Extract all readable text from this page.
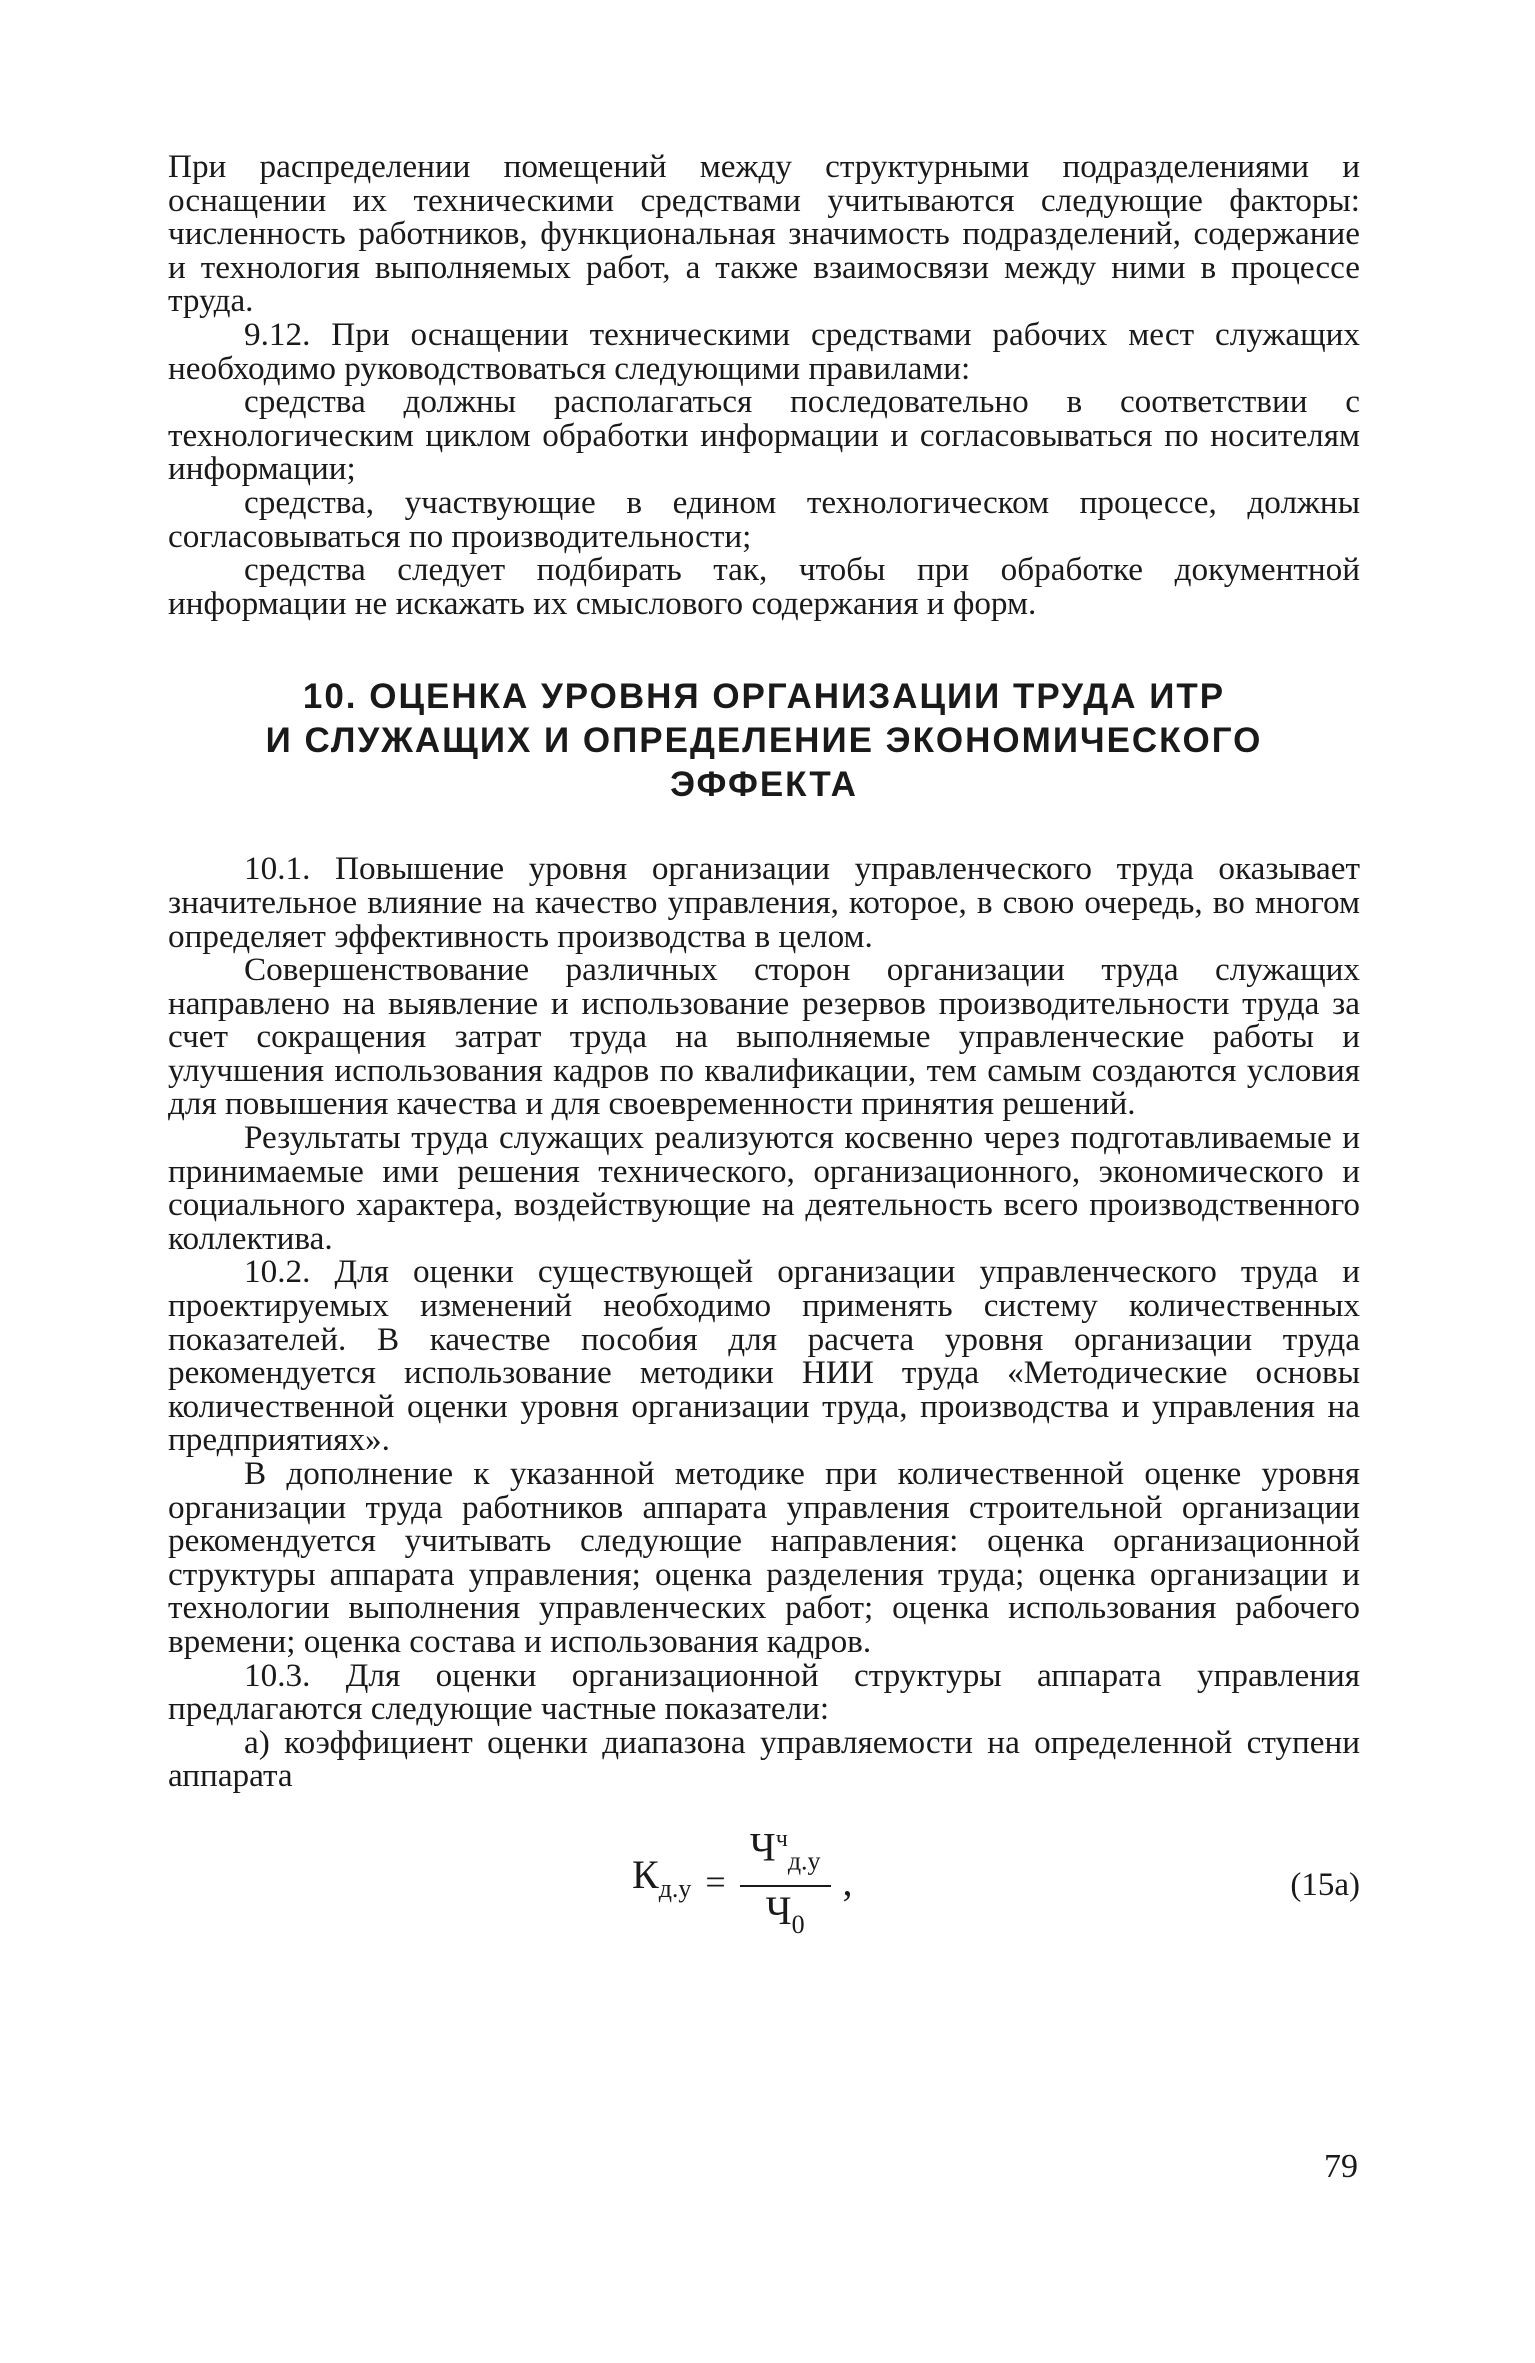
При распределении помещений между структурными подразделениями и оснащении их техническими средствами учитываются следующие факторы: численность работников, функциональная значимость подразделений, содержание и технология выполняемых работ, а также взаимосвязи между ними в процессе труда.

9.12. При оснащении техническими средствами рабочих мест служащих необходимо руководствоваться следующими правилами:

средства должны располагаться последовательно в соответствии с технологическим циклом обработки информации и согласовываться по носителям информации;

средства, участвующие в едином технологическом процессе, должны согласовываться по производительности;

средства следует подбирать так, чтобы при обработке документной информации не искажать их смыслового содержания и форм.

10. ОЦЕНКА УРОВНЯ ОРГАНИЗАЦИИ ТРУДА ИТР
И СЛУЖАЩИХ И ОПРЕДЕЛЕНИЕ ЭКОНОМИЧЕСКОГО
ЭФФЕКТА

10.1. Повышение уровня организации управленческого труда оказывает значительное влияние на качество управления, которое, в свою очередь, во многом определяет эффективность производства в целом.

Совершенствование различных сторон организации труда служащих направлено на выявление и использование резервов производительности труда за счет сокращения затрат труда на выполняемые управленческие работы и улучшения использования кадров по квалификации, тем самым создаются условия для повышения качества и для своевременности принятия решений.

Результаты труда служащих реализуются косвенно через подготавливаемые и принимаемые ими решения технического, организационного, экономического и социального характера, воздействующие на деятельность всего производственного коллектива.

10.2. Для оценки существующей организации управленческого труда и проектируемых изменений необходимо применять систему количественных показателей. В качестве пособия для расчета уровня организации труда рекомендуется использование методики НИИ труда «Методические основы количественной оценки уровня организации труда, производства и управления на предприятиях».

В дополнение к указанной методике при количественной оценке уровня организации труда работников аппарата управления строительной организации рекомендуется учитывать следующие направления: оценка организационной структуры аппарата управления; оценка разделения труда; оценка организации и технологии выполнения управленческих работ; оценка использования рабочего времени; оценка состава и использования кадров.

10.3. Для оценки организационной структуры аппарата управления предлагаются следующие частные показатели:

а) коэффициент оценки диапазона управляемости на определенной ступени аппарата

$К_{д.у} = \frac{Ч^ч_{д.у}}{Ч_0}$ ,	(15а)
79
